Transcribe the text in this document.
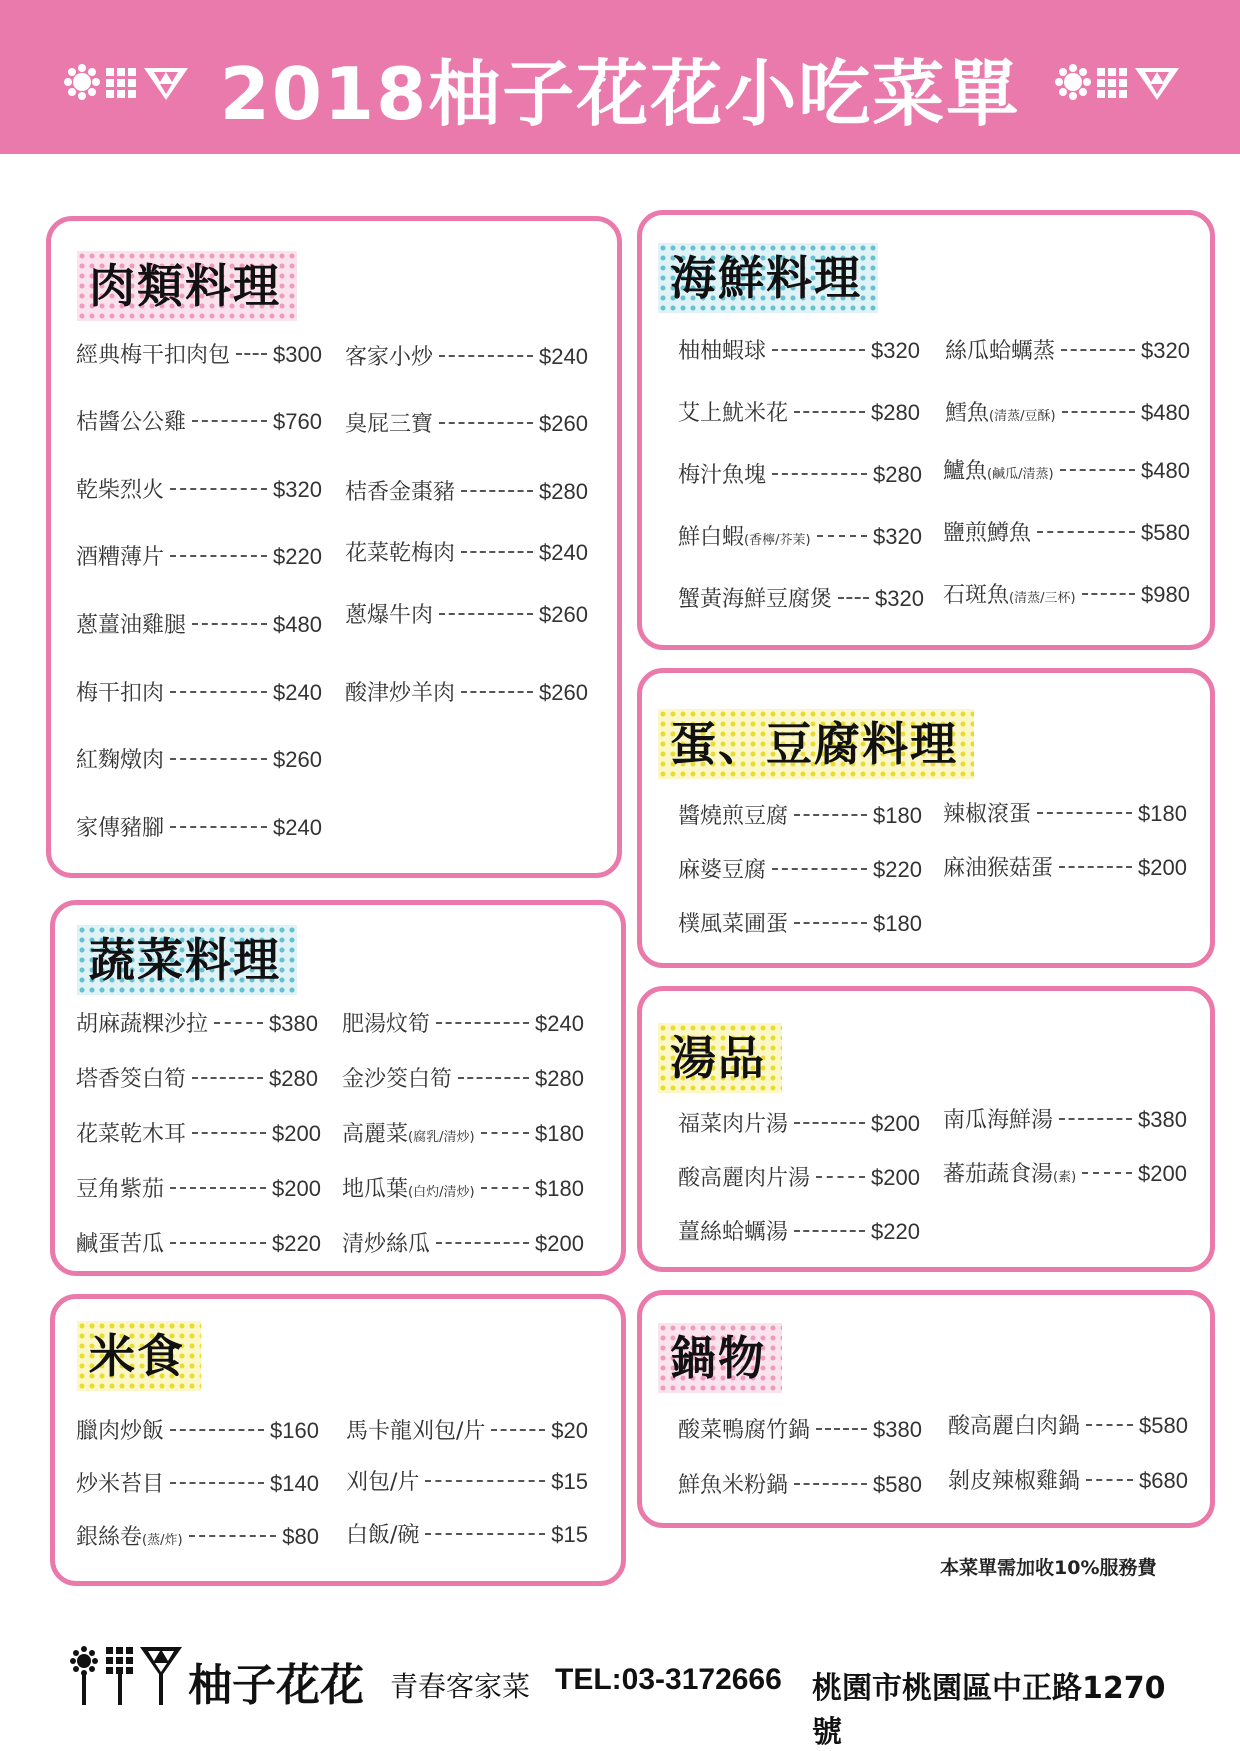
2018柚子花花小吃菜單
肉類料理
經典梅干扣肉包 $300 客家小炒	$240
桔醬公公雞	$760 臭屁三寶	$260
乾柴烈火	$320 桔香金棗豬	$280
酒糟薄片	$220 花菜乾梅肉	$240
蔥薑油雞腿	$480 蔥爆牛肉	$260
梅干扣肉	$240 酸津炒羊肉	$260
紅麴燉肉	$260
家傳豬腳	$240
海鮮料理
柚柚蝦球	$320 絲瓜蛤蠣蒸	$320
艾上魷米花	$280 鱈魚 (清蒸/豆酥)	$480
梅汁魚塊	$280 鱸魚 (鹹瓜/清蒸)	$480
鮮白蝦 (香檸/芥茉)	$320 鹽煎鱒魚	$580
蟹黃海鮮豆腐煲 $320 石斑魚 (清蒸/三杯)	$980
蛋、豆腐料理
醬燒煎豆腐	$180 辣椒滾蛋	$180
麻婆豆腐	$220 麻油猴菇蛋	$200
樸風菜圃蛋	$180
蔬菜料理
胡麻蔬粿沙拉	$380 肥湯炆筍	$240
塔香筊白筍	$280 金沙筊白筍	$280
花菜乾木耳	$200 高麗菜 (腐乳/清炒)	$180
豆角紫茄	$200 地瓜葉 (白灼/清炒)	$180
鹹蛋苦瓜	$220 清炒絲瓜	$200
湯品
福菜肉片湯	$200 南瓜海鮮湯	$380
酸高麗肉片湯	$200 蕃茄蔬食湯 (素)	$200
薑絲蛤蠣湯	$220
米食
臘肉炒飯	$160 馬卡龍刈包/片	$20
炒米苔目	$140 刈包/片	$15
銀絲卷 (蒸/炸)	$80 白飯/碗	$15
鍋物
酸菜鴨腐竹鍋	$380 酸高麗白肉鍋	$580
鮮魚米粉鍋	$580 剝皮辣椒雞鍋	$680
本菜單需加收10%服務費
柚子花花 青春客家菜 TEL:03-3172666 桃園市桃園區中正路1270號
